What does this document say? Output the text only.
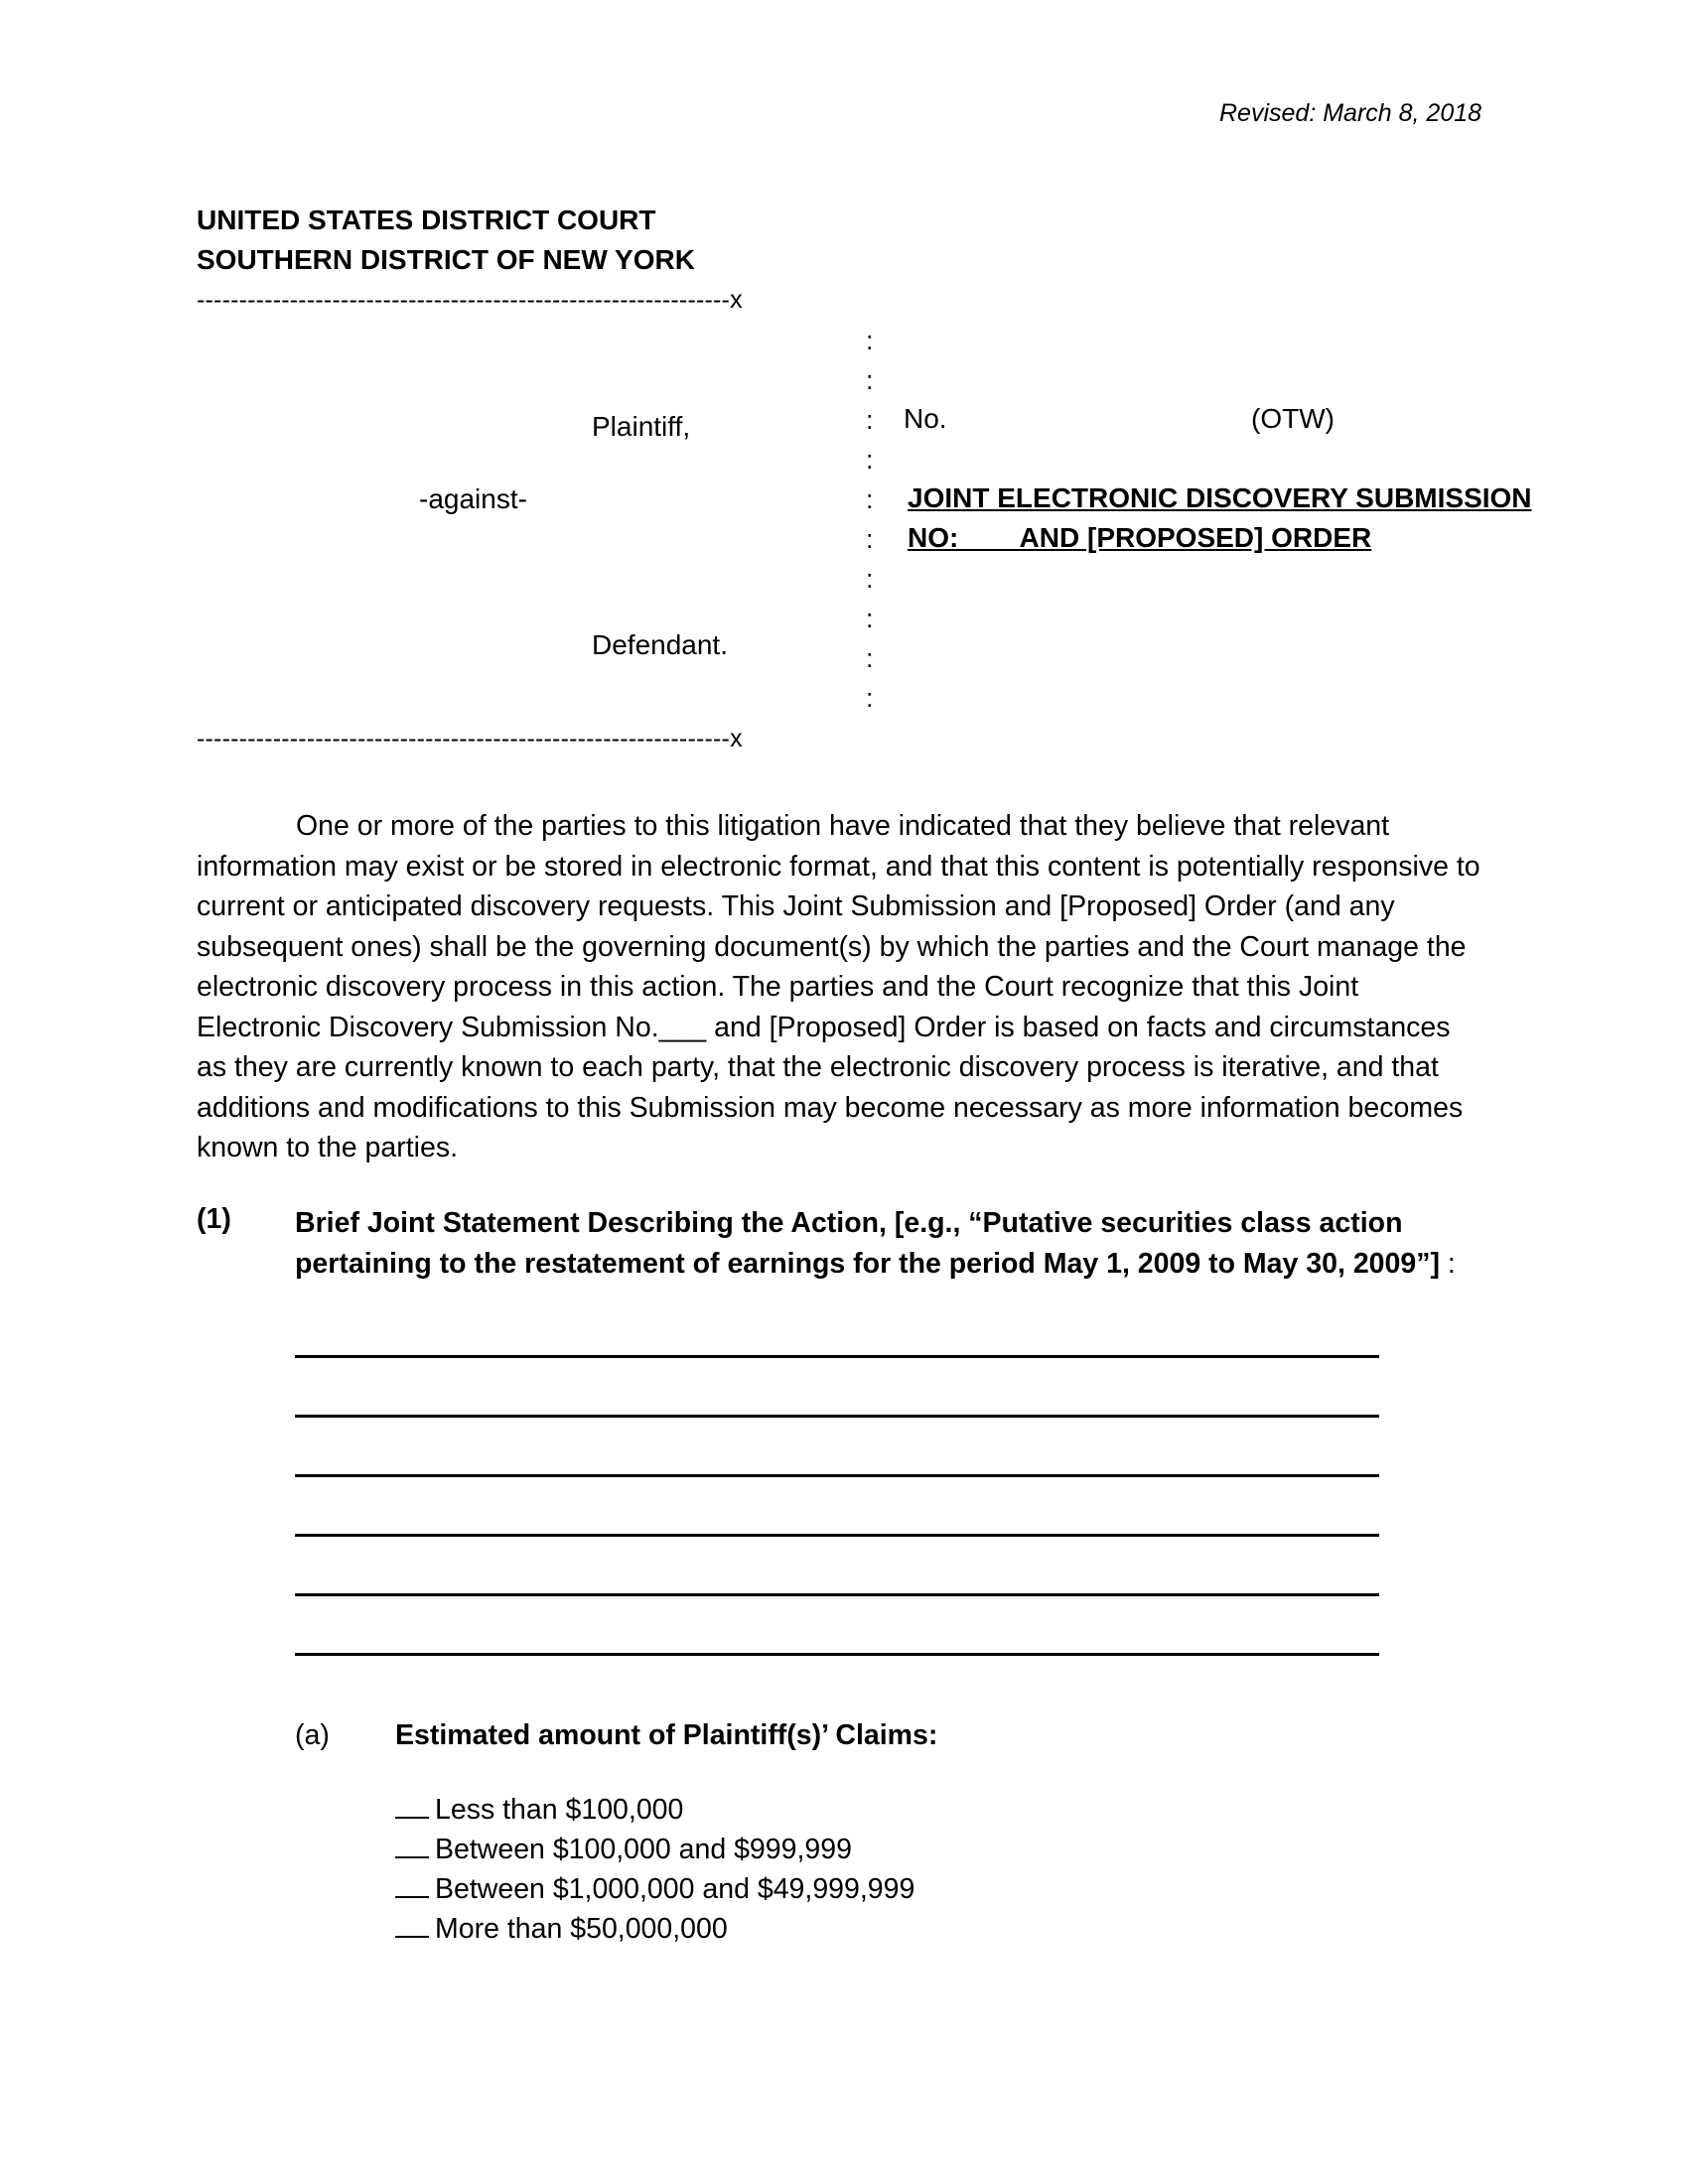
Revised: March 8, 2018
UNITED STATES DISTRICT COURT
SOUTHERN DISTRICT OF NEW YORK
---------------------------------------------------------------x
:
:
:
:
:
:
:
:
:
:
Plaintiff,
-against-
Defendant.
No.	(OTW)
JOINT ELECTRONIC DISCOVERY SUBMISSION
NO: ___ AND [PROPOSED] ORDER
---------------------------------------------------------------x
One or more of the parties to this litigation have indicated that they believe that relevant information may exist or be stored in electronic format, and that this content is potentially responsive to current or anticipated discovery requests. This Joint Submission and [Proposed] Order (and any subsequent ones) shall be the governing document(s) by which the parties and the Court manage the electronic discovery process in this action. The parties and the Court recognize that this Joint Electronic Discovery Submission No.___ and [Proposed] Order is based on facts and circumstances as they are currently known to each party, that the electronic discovery process is iterative, and that additions and modifications to this Submission may become necessary as more information becomes known to the parties.
(1) Brief Joint Statement Describing the Action, [e.g., “Putative securities class action pertaining to the restatement of earnings for the period May 1, 2009 to May 30, 2009”] :
(a) Estimated amount of Plaintiff(s)’ Claims:
Less than $100,000
Between $100,000 and $999,999
Between $1,000,000 and $49,999,999
More than $50,000,000
